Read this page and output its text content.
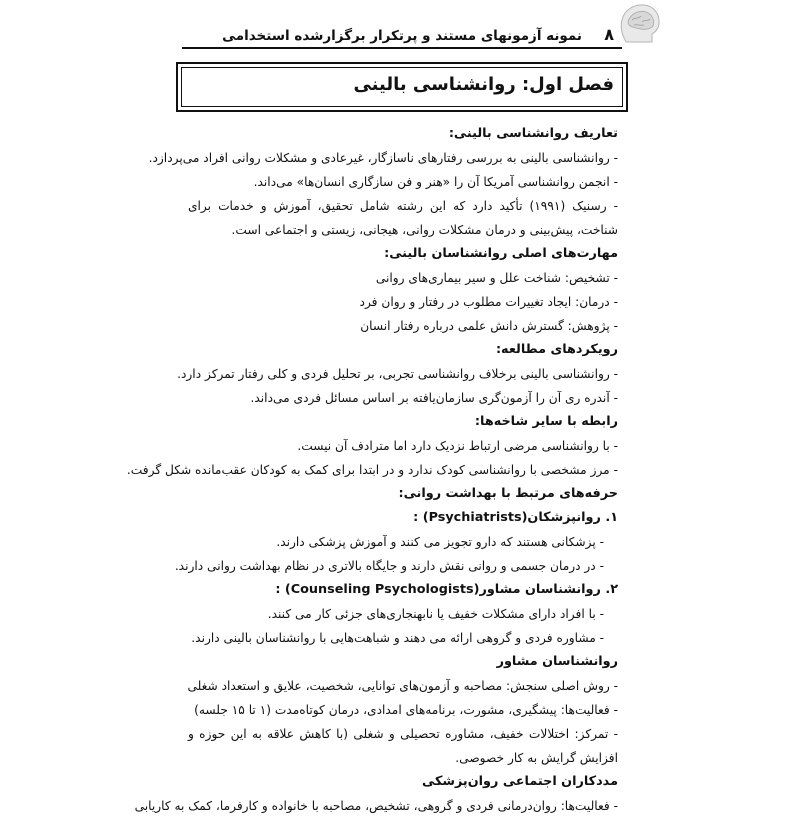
نمونه آزمونهای مستند و پرتکرار برگزارشده استخدامی ۸
فصل اول: روانشناسی بالینی
تعاریف روانشناسی بالینی:
- روانشناسی بالینی به بررسی رفتارهای ناسازگار، غیرعادی و مشکلات روانی افراد می‌پردازد.
- انجمن روانشناسی آمریکا آن را «هنر و فن سازگاری انسان‌ها» می‌داند.
- رسنیک (۱۹۹۱) تأکید دارد که این رشته شامل تحقیق، آموزش و خدمات برای شناخت، پیش‌بینی و درمان مشکلات روانی، هیجانی، زیستی و اجتماعی است.
مهارت‌های اصلی روانشناسان بالینی:
- تشخیص: شناخت علل و سیر بیماری‌های روانی
- درمان: ایجاد تغییرات مطلوب در رفتار و روان فرد
- پژوهش: گسترش دانش علمی درباره رفتار انسان
رویکردهای مطالعه:
- روانشناسی بالینی برخلاف روانشناسی تجربی، بر تحلیل فردی و کلی رفتار تمرکز دارد.
- آندره ری آن را آزمون‌گری سازمان‌یافته بر اساس مسائل فردی می‌داند.
رابطه با سایر شاخه‌ها:
- با روانشناسی مرضی ارتباط نزدیک دارد اما مترادف آن نیست.
- مرز مشخصی با روانشناسی کودک ندارد و در ابتدا برای کمک به کودکان عقب‌مانده شکل گرفت.
حرفه‌های مرتبط با بهداشت روانی:
۱. روانپزشکان(Psychiatrists) :
- پزشکانی هستند که دارو تجویز می کنند و آموزش پزشکی دارند.
- در درمان جسمی و روانی نقش دارند و جایگاه بالاتری در نظام بهداشت روانی دارند.
۲. روانشناسان مشاور(Counseling Psychologists) :
- با افراد دارای مشکلات خفیف یا نابهنجاری‌های جزئی کار می کنند.
- مشاوره فردی و گروهی ارائه می دهند و شباهت‌هایی با روانشناسان بالینی دارند.
روانشناسان مشاور
- روش اصلی سنجش: مصاحبه و آزمون‌های توانایی، شخصیت، علایق و استعداد شغلی
- فعالیت‌ها: پیشگیری، مشورت، برنامه‌های امدادی، درمان کوتاه‌مدت (۱ تا ۱۵ جلسه)
- تمرکز: اختلالات خفیف، مشاوره تحصیلی و شغلی (با کاهش علاقه به این حوزه و افزایش گرایش به کار خصوصی.
مددکاران اجتماعی روان‌پزشکی
- فعالیت‌ها: روان‌درمانی فردی و گروهی، تشخیص، مصاحبه با خانواده و کارفرما، کمک به کاریابی
